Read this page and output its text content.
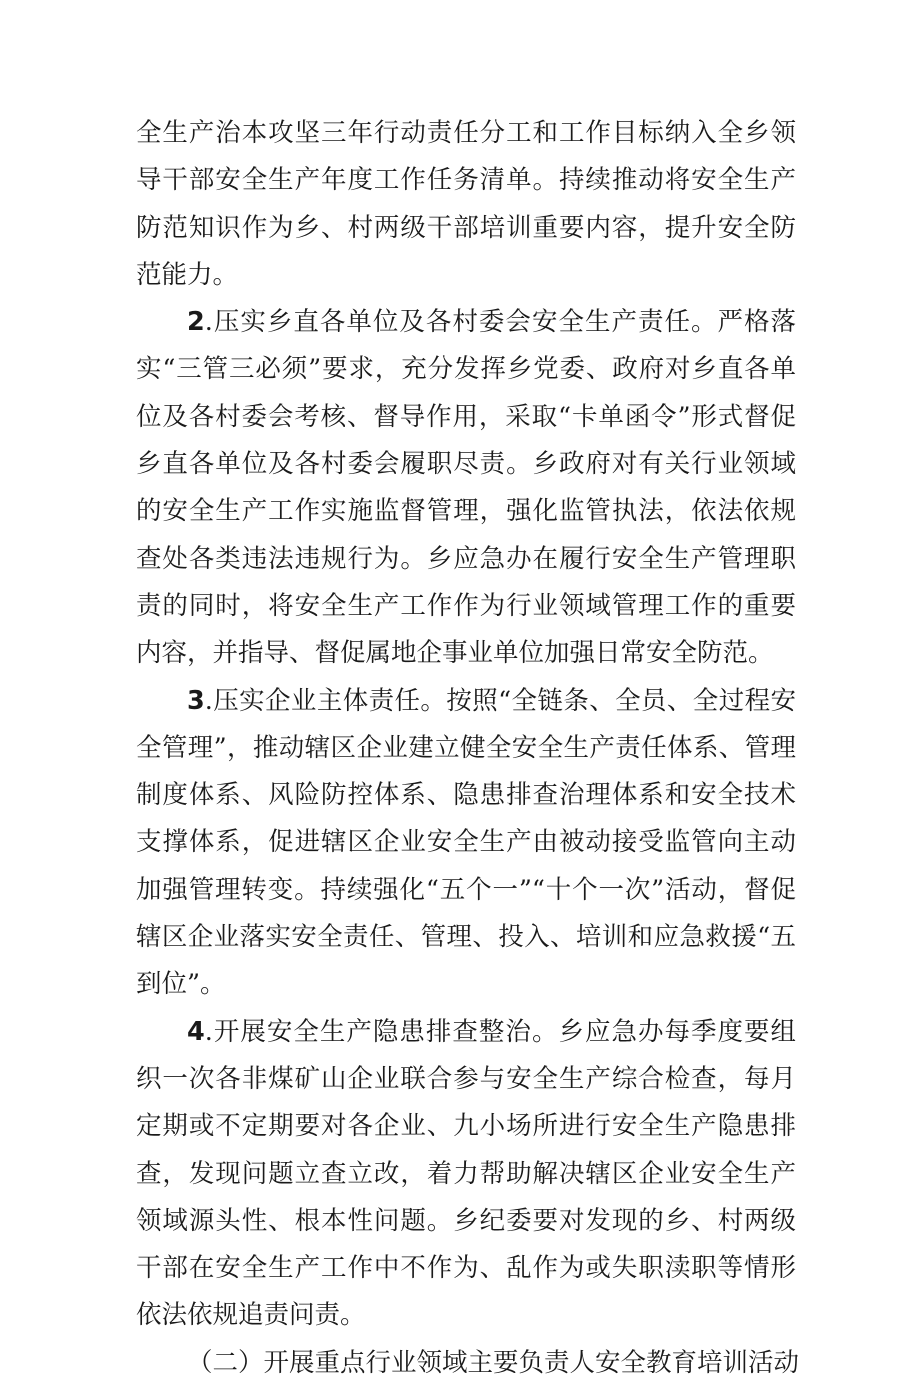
全生产治本攻坚三年行动责任分工和工作目标纳入全乡领导干部安全生产年度工作任务清单。持续推动将安全生产防范知识作为乡、村两级干部培训重要内容，提升安全防范能力。

2.压实乡直各单位及各村委会安全生产责任。严格落实“三管三必须”要求，充分发挥乡党委、政府对乡直各单位及各村委会考核、督导作用，采取“卡单函令”形式督促乡直各单位及各村委会履职尽责。乡政府对有关行业领域的安全生产工作实施监督管理，强化监管执法，依法依规查处各类违法违规行为。乡应急办在履行安全生产管理职责的同时，将安全生产工作作为行业领域管理工作的重要内容，并指导、督促属地企事业单位加强日常安全防范。

3.压实企业主体责任。按照“全链条、全员、全过程安全管理”，推动辖区企业建立健全安全生产责任体系、管理制度体系、风险防控体系、隐患排查治理体系和安全技术支撑体系，促进辖区企业安全生产由被动接受监管向主动加强管理转变。持续强化“五个一”“十个一次”活动，督促辖区企业落实安全责任、管理、投入、培训和应急救援“五到位”。

4.开展安全生产隐患排查整治。乡应急办每季度要组织一次各非煤矿山企业联合参与安全生产综合检查，每月定期或不定期要对各企业、九小场所进行安全生产隐患排查，发现问题立查立改，着力帮助解决辖区企业安全生产领域源头性、根本性问题。乡纪委要对发现的乡、村两级干部在安全生产工作中不作为、乱作为或失职渎职等情形依法依规追责问责。

（二）开展重点行业领域主要负责人安全教育培训活动
